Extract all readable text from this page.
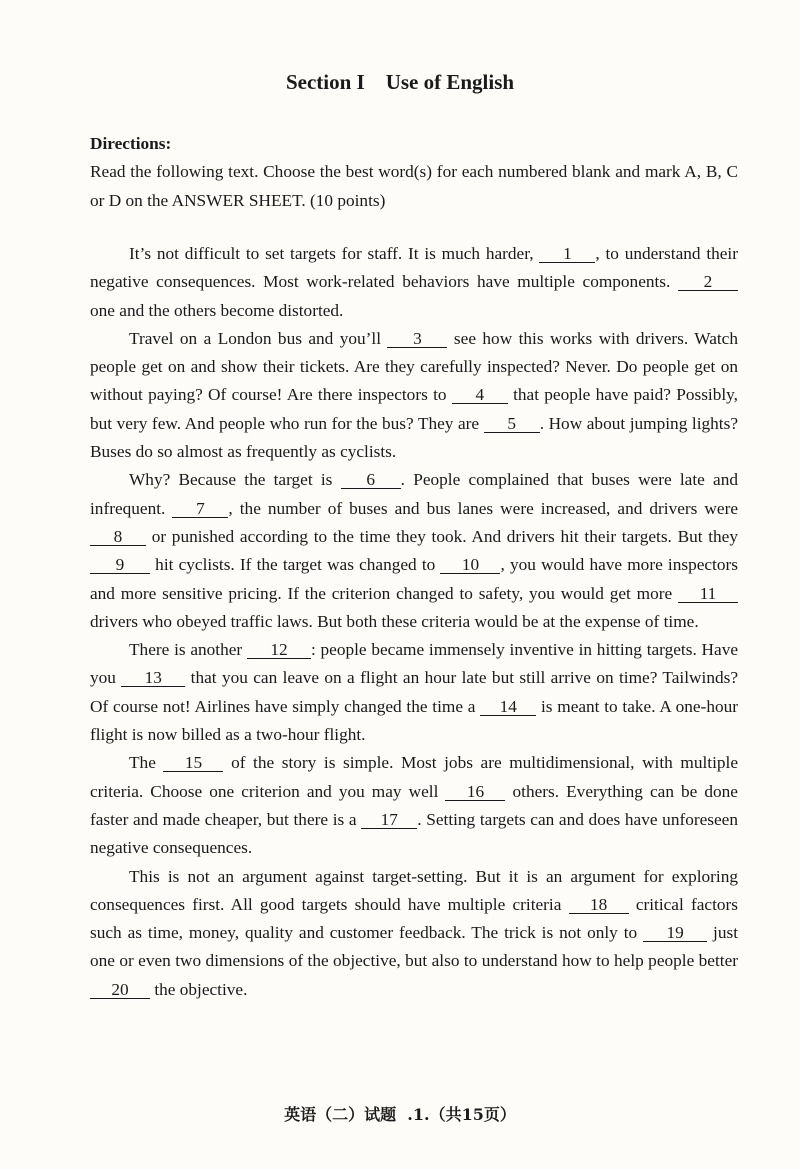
Section I    Use of English
Directions:
Read the following text. Choose the best word(s) for each numbered blank and mark A, B, C or D on the ANSWER SHEET. (10 points)

It’s not difficult to set targets for staff. It is much harder, 1 , to understand their negative consequences. Most work-related behaviors have multiple components. 2 one and the others become distorted.

Travel on a London bus and you’ll 3 see how this works with drivers. Watch people get on and show their tickets. Are they carefully inspected? Never. Do people get on without paying? Of course! Are there inspectors to 4 that people have paid? Possibly, but very few. And people who run for the bus? They are 5 . How about jumping lights? Buses do so almost as frequently as cyclists.

Why? Because the target is 6 . People complained that buses were late and infrequent. 7 , the number of buses and bus lanes were increased, and drivers were 8 or punished according to the time they took. And drivers hit their targets. But they 9 hit cyclists. If the target was changed to 10 , you would have more inspectors and more sensitive pricing. If the criterion changed to safety, you would get more 11 drivers who obeyed traffic laws. But both these criteria would be at the expense of time.

There is another 12 : people became immensely inventive in hitting targets. Have you 13 that you can leave on a flight an hour late but still arrive on time? Tailwinds? Of course not! Airlines have simply changed the time a 14 is meant to take. A one-hour flight is now billed as a two-hour flight.

The 15 of the story is simple. Most jobs are multidimensional, with multiple criteria. Choose one criterion and you may well 16 others. Everything can be done faster and made cheaper, but there is a 17 . Setting targets can and does have unforeseen negative consequences.

This is not an argument against target-setting. But it is an argument for exploring consequences first. All good targets should have multiple criteria 18 critical factors such as time, money, quality and customer feedback. The trick is not only to 19 just one or even two dimensions of the objective, but also to understand how to help people better 20 the objective.

英语（二）试题  .1.（共15页）
